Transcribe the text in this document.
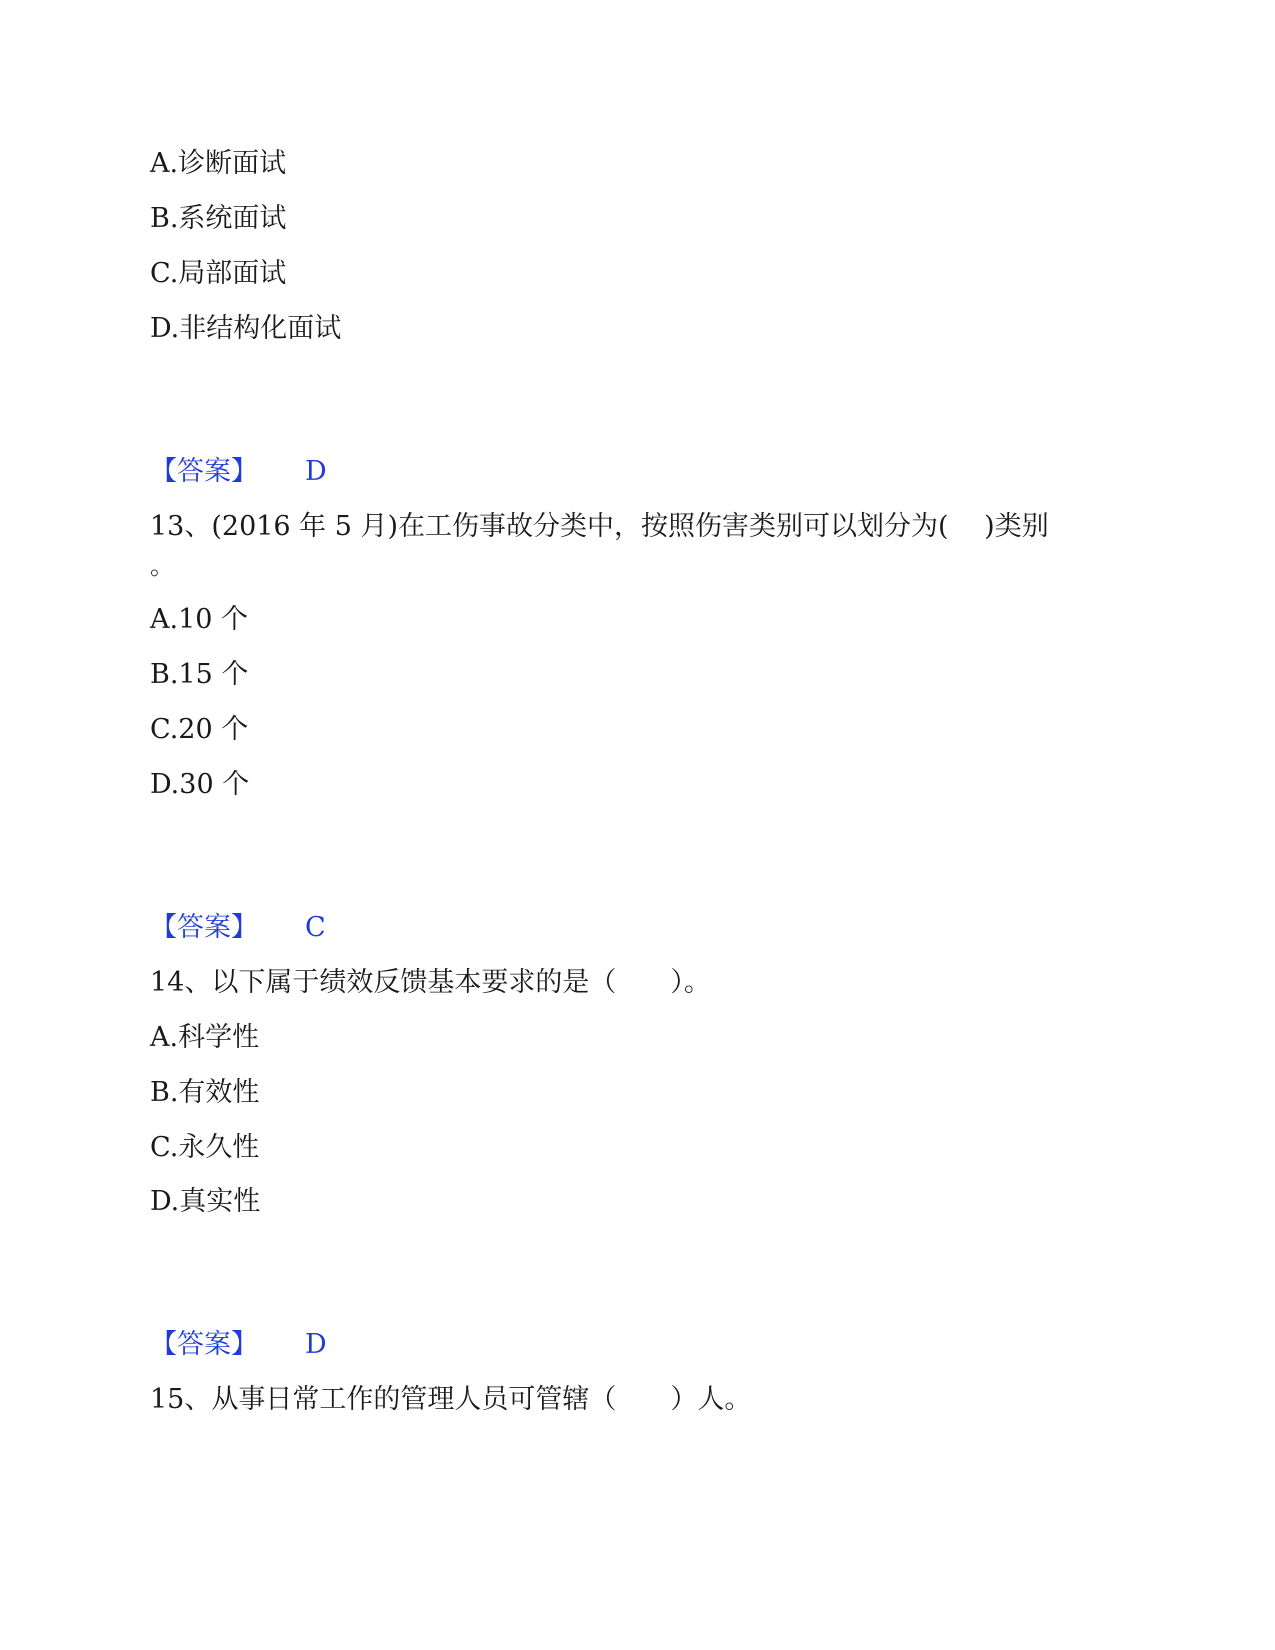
A.诊断面试
B.系统面试
C.局部面试
D.非结构化面试
【答案】 D
13、(2016 年 5 月)在工伤事故分类中，按照伤害类别可以划分为(　 )类别
。
A.10 个
B.15 个
C.20 个
D.30 个
【答案】 C
14、以下属于绩效反馈基本要求的是（　　）。
A.科学性
B.有效性
C.永久性
D.真实性
【答案】 D
15、从事日常工作的管理人员可管辖（　　）人。
